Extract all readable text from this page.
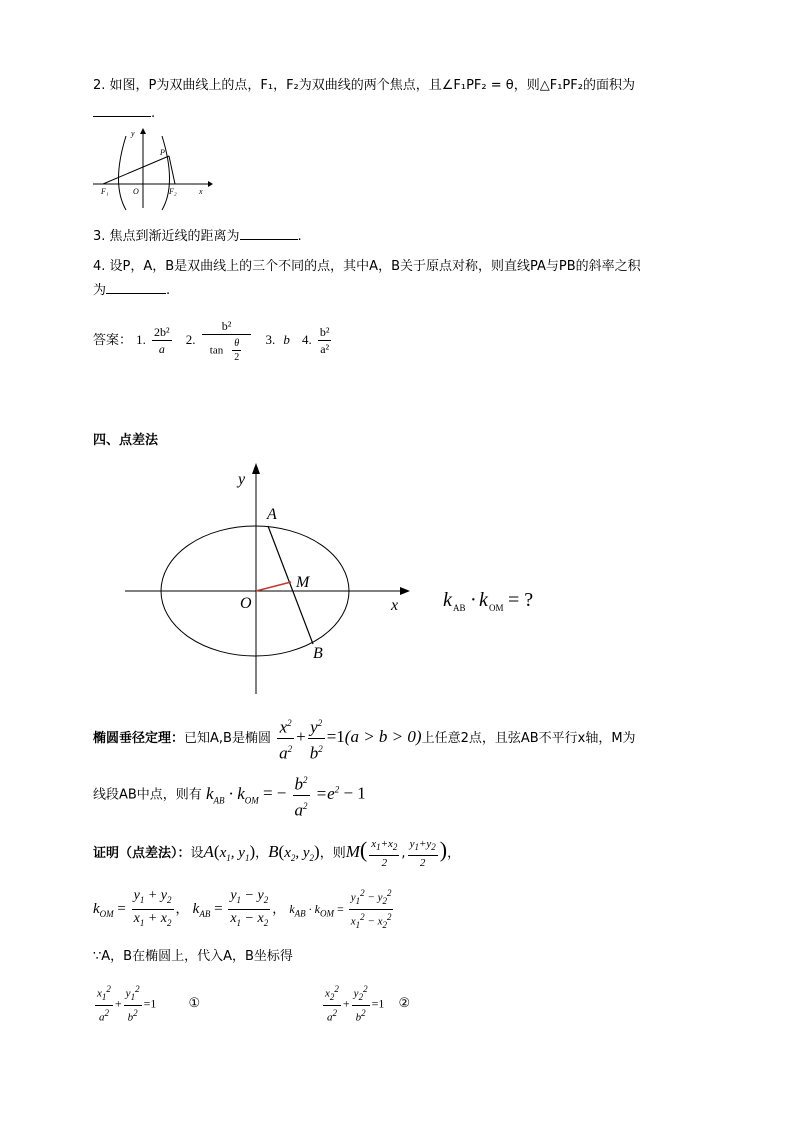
2. 如图，P为双曲线上的点，F₁，F₂为双曲线的两个焦点，且∠F₁PF₂ = θ，则△F₁PF₂的面积为
.
y
P
F₁	O	F₂	x
3. 焦点到渐近线的距离为	.
4. 设P，A，B是双曲线上的三个不同的点，其中A，B关于原点对称，则直线PA与PB的斜率之积
为	.
答案： 1. $\frac{\text{2b²}}{a} 2$. $\frac{\text{b²}}{\tan \frac{\theta}{2}} 3$. b 4. $\frac{\text{b²}}{\text{a²}}$
四、点差法
y
A
M
O	x
B
k AB · k OM = ?
椭圆垂径定理：已知A,B是椭圆 $\frac{x^2}{a^2} + \frac{y^2}{b^2} =1(a > b > 0)$上任意2点，且弦AB不平行x轴，M为
线段AB中点，则有 $k_{AB} \cdot k_{OM}$ = − $\frac{b^2}{a^2} =e^2 - 1$
证明（点差法）：设$A(x_1$, $y_1$)，$B(x_2$, $y_2$)，则$M( \frac{x_1+x_2}{2}$ , $\frac{y_1+y_2}{2}$ )，
$k_{OM} = \frac{y_1 + y_2}{x_1 + x_2}$ ， $k_{AB} = \frac{y_1 - y_2}{x_1 - x_2}$ ， $k_{AB} \cdot k_{OM} = \frac{y_1^2 - y_2^2}{x_1^2 - x_2^2}$
∵A，B在椭圆上，代入A，B坐标得
$\frac{x_1^2}{a^2} + \frac{y_1^2}{b^2} =1$ ①	$\frac{x_2^2}{a^2} + \frac{y_2^2}{b^2} =1$ ②
